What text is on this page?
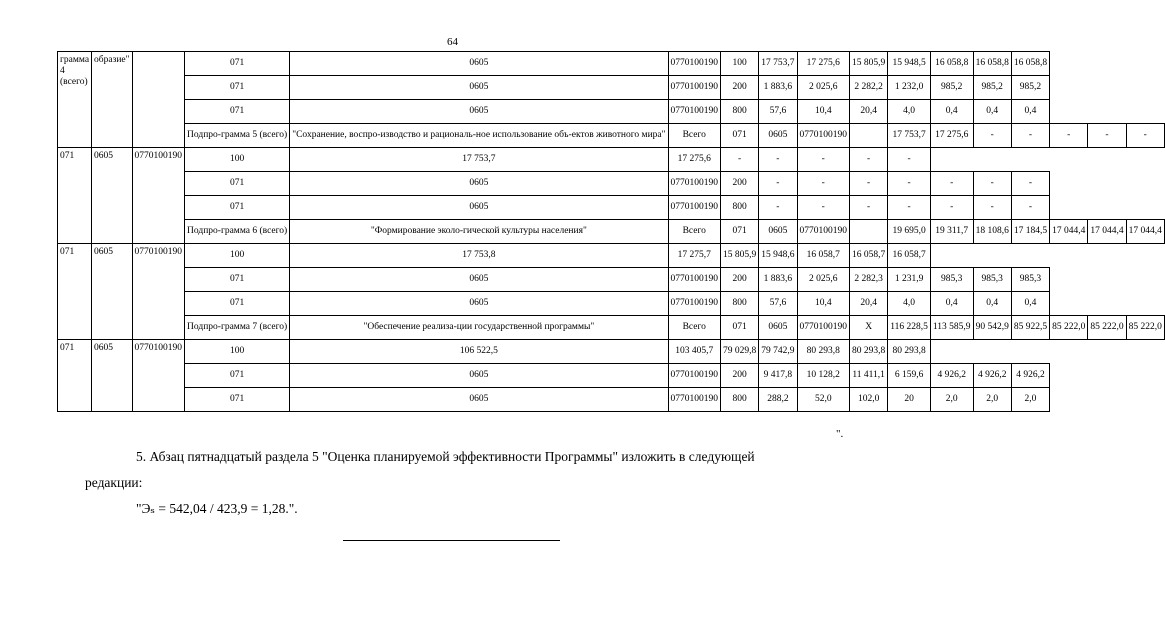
64
грамма 4 (всего)	образие"		071	0605	0770100190	100	17 753,7	17 275,6	15 805,9	15 948,5	16 058,8	16 058,8	16 058,8			
			071	0605	0770100190	200	1 883,6	2 025,6	2 282,2	1 232,0	985,2	985,2	985,2			
			071	0605	0770100190	800	57,6	10,4	20,4	4,0	0,4	0,4	0,4			
			Подпро-грамма 5 (всего)	"Сохранение, воспро-изводство и рациональ-ное использование объ-ектов животного мира"	Всего	071	0605	0770100190		17 753,7	17 275,6	-	-	-	-	-
071	0605	0770100190	100	17 753,7	17 275,6	-	-	-	-	-						
			071	0605	0770100190	200	-	-	-	-	-	-	-			
			071	0605	0770100190	800	-	-	-	-	-	-	-			
			Подпро-грамма 6 (всего)	"Формирование эколо-гической культуры населения"	Всего	071	0605	0770100190		19 695,0	19 311,7	18 108,6	17 184,5	17 044,4	17 044,4	17 044,4
071	0605	0770100190	100	17 753,8	17 275,7	15 805,9	15 948,6	16 058,7	16 058,7	16 058,7						
			071	0605	0770100190	200	1 883,6	2 025,6	2 282,3	1 231,9	985,3	985,3	985,3			
			071	0605	0770100190	800	57,6	10,4	20,4	4,0	0,4	0,4	0,4			
			Подпро-грамма 7 (всего)	"Обеспечение реализа-ции государственной программы"	Всего	071	0605	0770100190	X	116 228,5	113 585,9	90 542,9	85 922,5	85 222,0	85 222,0	85 222,0
071	0605	0770100190	100	106 522,5	103 405,7	79 029,8	79 742,9	80 293,8	80 293,8	80 293,8						
			071	0605	0770100190	200	9 417,8	10 128,2	11 411,1	6 159,6	4 926,2	4 926,2	4 926,2			
			071	0605	0770100190	800	288,2	52,0	102,0	20	2,0	2,0	2,0			
".
5. Абзац пятнадцатый раздела 5 "Оценка планируемой эффективности Программы" изложить в следующей
редакции:
"Эₛ = 542,04 / 423,9 = 1,28.".
